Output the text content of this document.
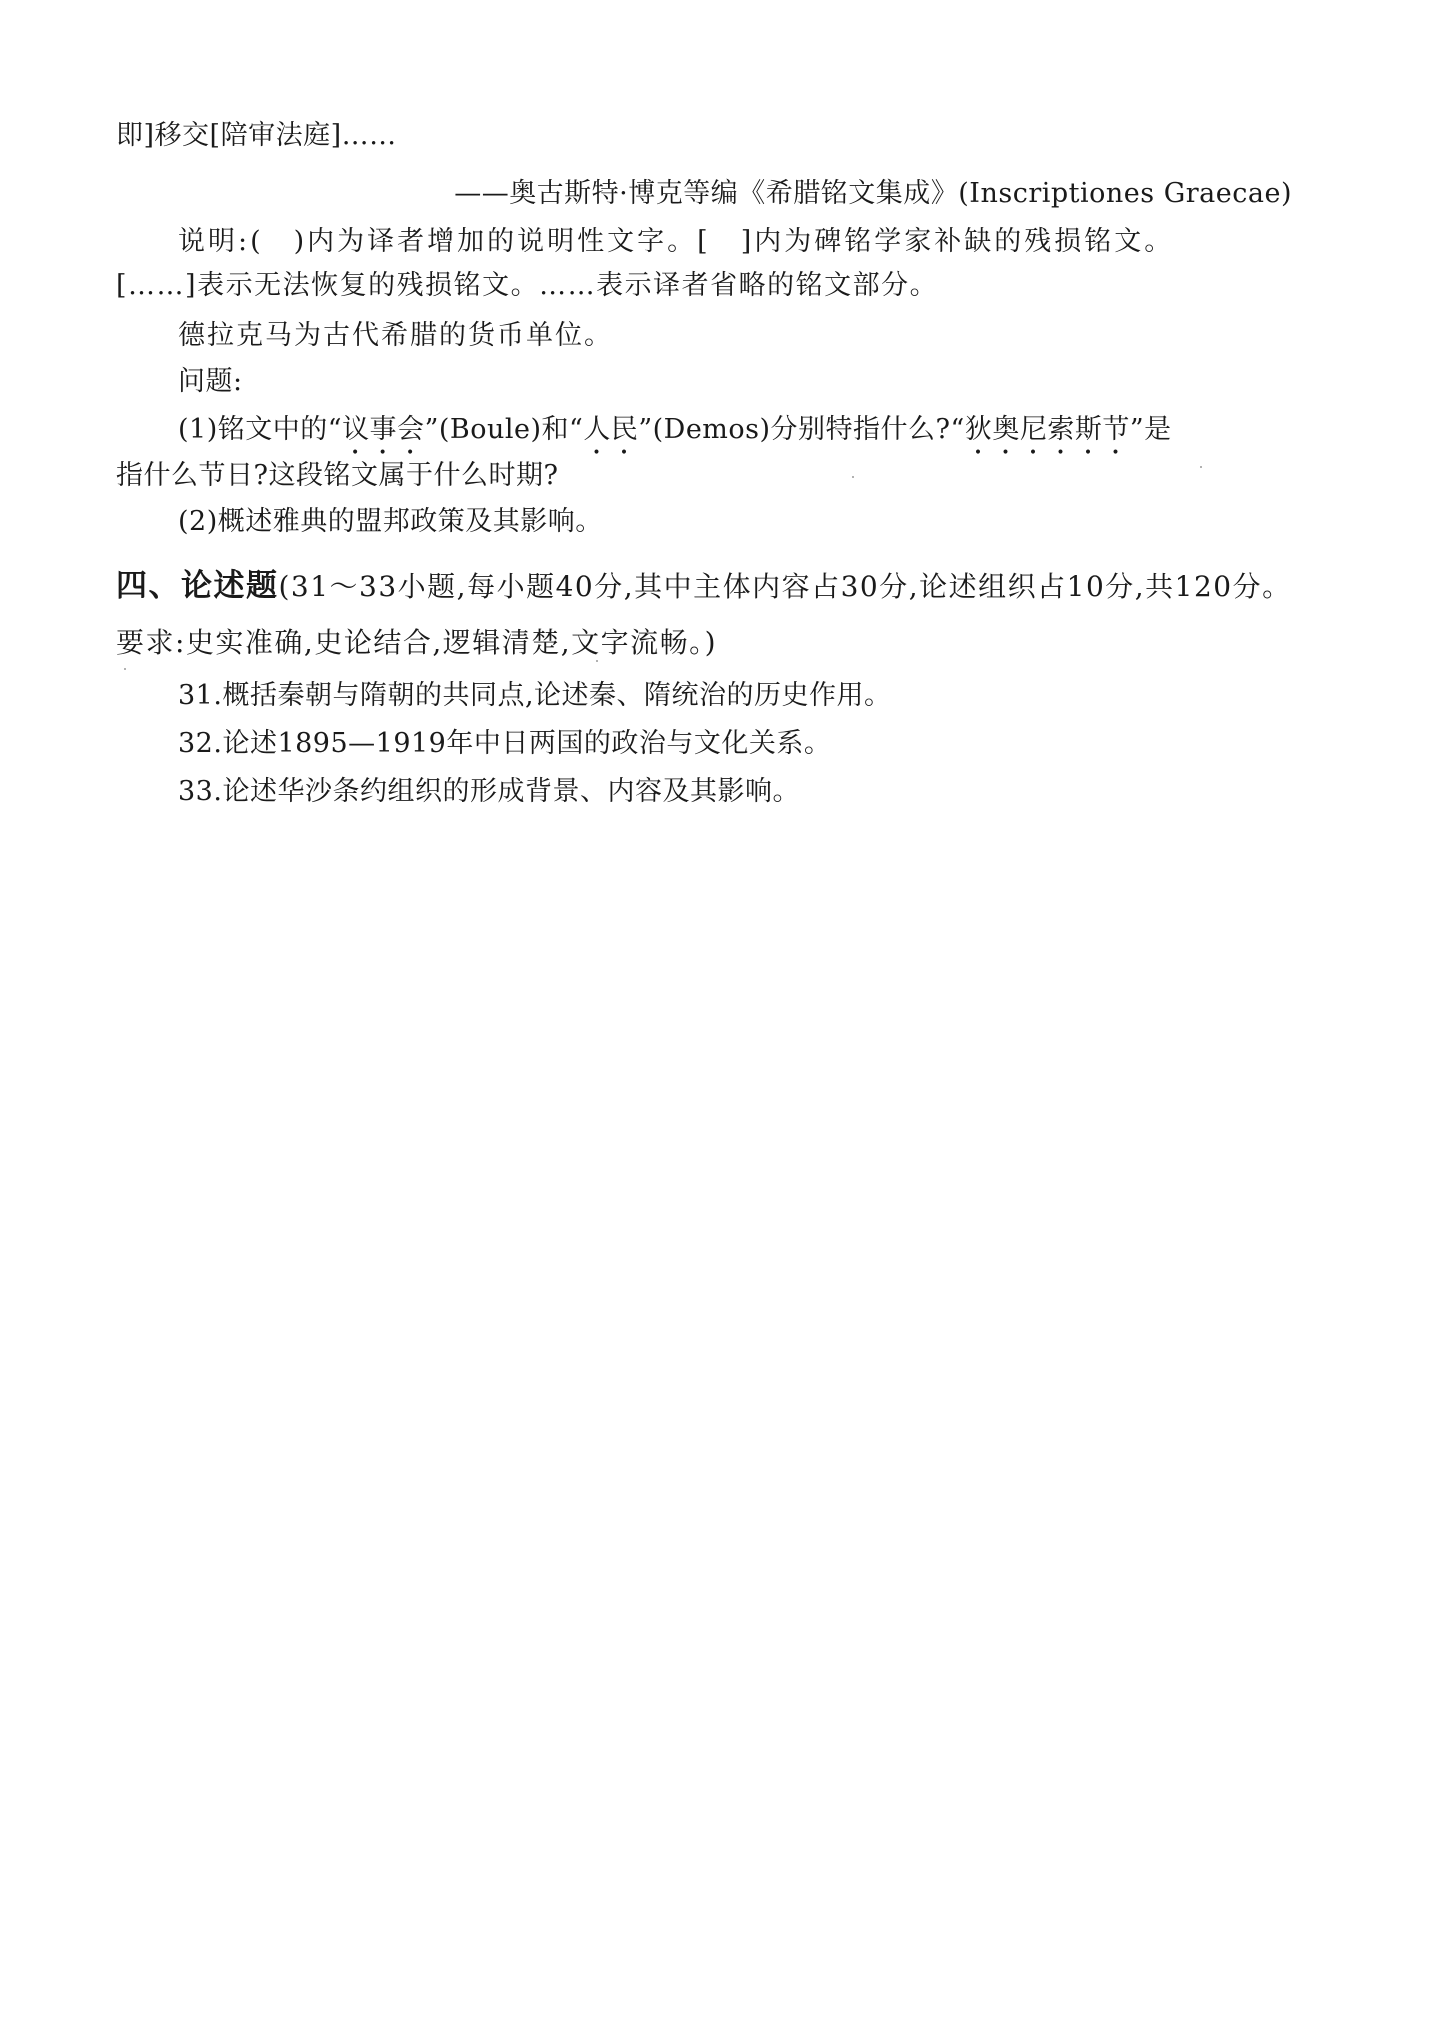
即]移交[陪审法庭]……
——奥古斯特·博克等编《希腊铭文集成》(Inscriptiones Graecae)
说明:(　)内为译者增加的说明性文字。[　]内为碑铭学家补缺的残损铭文。
[……]表示无法恢复的残损铭文。……表示译者省略的铭文部分。
德拉克马为古代希腊的货币单位。
问题:
(1)铭文中的“议事会”(Boule)和“人民”(Demos)分别特指什么?“狄奥尼索斯节”是
指什么节日?这段铭文属于什么时期?
(2)概述雅典的盟邦政策及其影响。
四、论述题(31～33小题,每小题40分,其中主体内容占30分,论述组织占10分,共120分。要求:史实准确,史论结合,逻辑清楚,文字流畅。)
31.概括秦朝与隋朝的共同点,论述秦、隋统治的历史作用。
32.论述1895—1919年中日两国的政治与文化关系。
33.论述华沙条约组织的形成背景、内容及其影响。
